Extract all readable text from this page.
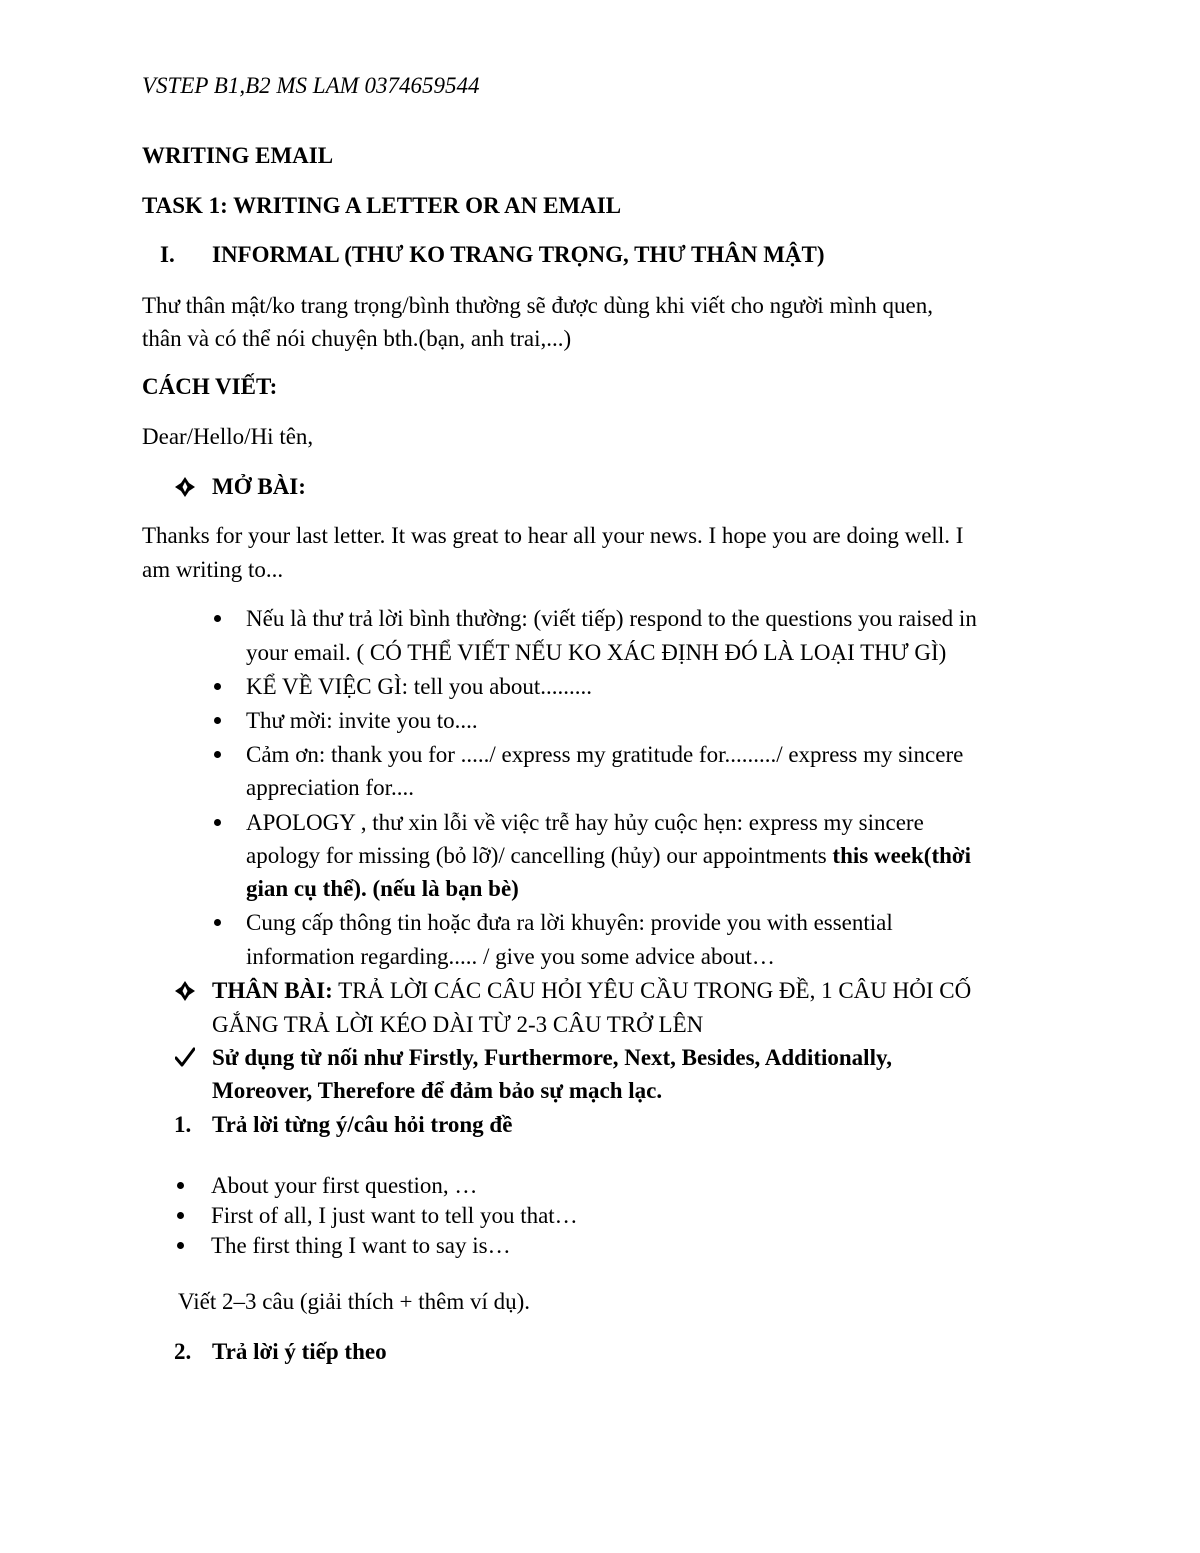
VSTEP B1,B2 MS LAM 0374659544
WRITING EMAIL
TASK 1: WRITING A LETTER OR AN EMAIL
I. INFORMAL (THƯ KO TRANG TRỌNG, THƯ THÂN MẬT)
Thư thân mật/ko trang trọng/bình thường sẽ được dùng khi viết cho người mình quen,
thân và có thể nói chuyện bth.(bạn, anh trai,...)
CÁCH VIẾT:
Dear/Hello/Hi tên,
MỞ BÀI:
Thanks for your last letter. It was great to hear all your news. I hope you are doing well. I
am writing to...
Nếu là thư trả lời bình thường: (viết tiếp) respond to the questions you raised in
your email. ( CÓ THỂ VIẾT NẾU KO XÁC ĐỊNH ĐÓ LÀ LOẠI THƯ GÌ)
KỂ VỀ VIỆC GÌ: tell you about.........
Thư mời: invite you to....
Cảm ơn: thank you for ...../ express my gratitude for........./ express my sincere
appreciation for....
APOLOGY , thư xin lỗi về việc trễ hay hủy cuộc hẹn: express my sincere
apology for missing (bỏ lỡ)/ cancelling (hủy) our appointments this week(thời
gian cụ thể). (nếu là bạn bè)
Cung cấp thông tin hoặc đưa ra lời khuyên: provide you with essential
information regarding..... / give you some advice about…
THÂN BÀI: TRẢ LỜI CÁC CÂU HỎI YÊU CẦU TRONG ĐỀ, 1 CÂU HỎI CỐ
GẮNG TRẢ LỜI KÉO DÀI TỪ 2-3 CÂU TRỞ LÊN
Sử dụng từ nối như Firstly, Furthermore, Next, Besides, Additionally,
Moreover, Therefore để đảm bảo sự mạch lạc.
1. Trả lời từng ý/câu hỏi trong đề
About your first question, …
First of all, I just want to tell you that…
The first thing I want to say is…
Viết 2–3 câu (giải thích + thêm ví dụ).
2. Trả lời ý tiếp theo
